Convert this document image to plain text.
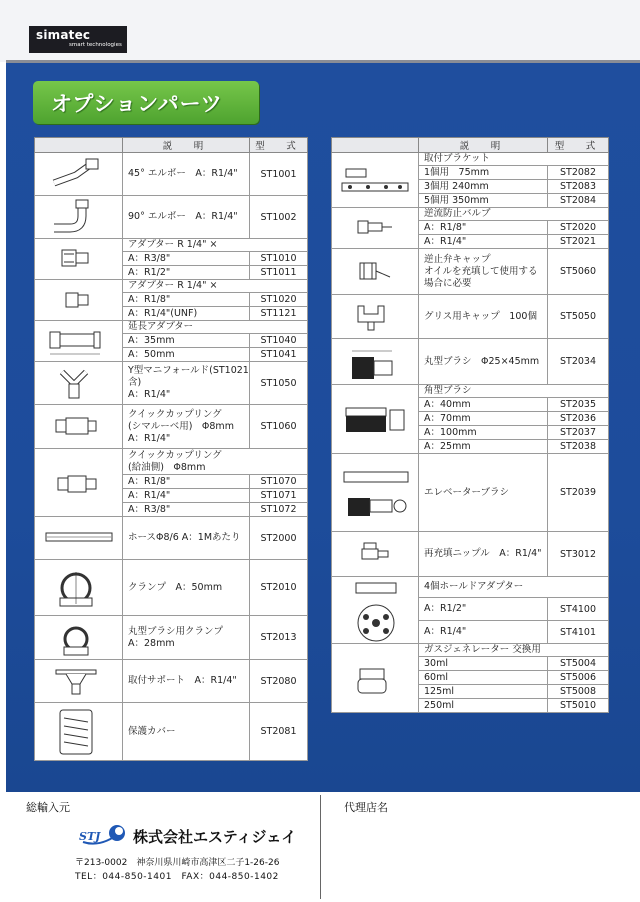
simatec
smart technologies
オプションパーツ
	説　明	型　式

	45° エルボー　A：R1/4"	ST1001

	90° エルボー　A：R1/4"	ST1002

	アダプター R 1/4" ×	
	A：R3/8"	ST1010
	A：R1/2"	ST1011

	アダプター R 1/4" ×	
	A：R1/8"	ST1020
	A：R1/4"(UNF)	ST1121

	延長アダプター	
	A：35mm	ST1040
	A：50mm	ST1041

	Y型マニフォールド(ST1021含)
A：R1/4"	ST1050

	クイックカップリング
(シマルーベ用)　Φ8mm
A：R1/4"	ST1060

	クイックカップリング
(給油側)　Φ8mm	
	A：R1/8"	ST1070
	A：R1/4"	ST1071
	A：R3/8"	ST1072

	ホースΦ8/6 A：1Mあたり	ST2000

	クランプ　A：50mm	ST2010

	丸型ブラシ用クランプ
A：28mm	ST2013

	取付サポート　A：R1/4"	ST2080

	保護カバー	ST2081
	説　明	型　式

	取付ブラケット	
	1個用　75mm	ST2082
	3個用 240mm	ST2083
	5個用 350mm	ST2084

	逆流防止バルブ	
	A：R1/8"	ST2020
	A：R1/4"	ST2021

	逆止弁キャップ
オイルを充填して使用する
場合に必要	ST5060

	グリス用キャップ　100個	ST5050

	丸型ブラシ　Φ25×45mm	ST2034

	角型ブラシ	
	A：40mm	ST2035
	A：70mm	ST2036
	A：100mm	ST2037
	A：25mm	ST2038

	エレベーターブラシ	ST2039

	再充填ニップル　A：R1/4"	ST3012

	4個ホールドアダプター	
	A：R1/2"	ST4100
	A：R1/4"	ST4101

	ガスジェネレーター 交換用	
	30ml	ST5004
	60ml	ST5006
	125ml	ST5008
	250ml	ST5010
総輸入元	代理店名
STJ 株式会社エスティジェイ
〒213-0002　神奈川県川崎市高津区二子1-26-26
TEL：044-850-1401　FAX：044-850-1402
